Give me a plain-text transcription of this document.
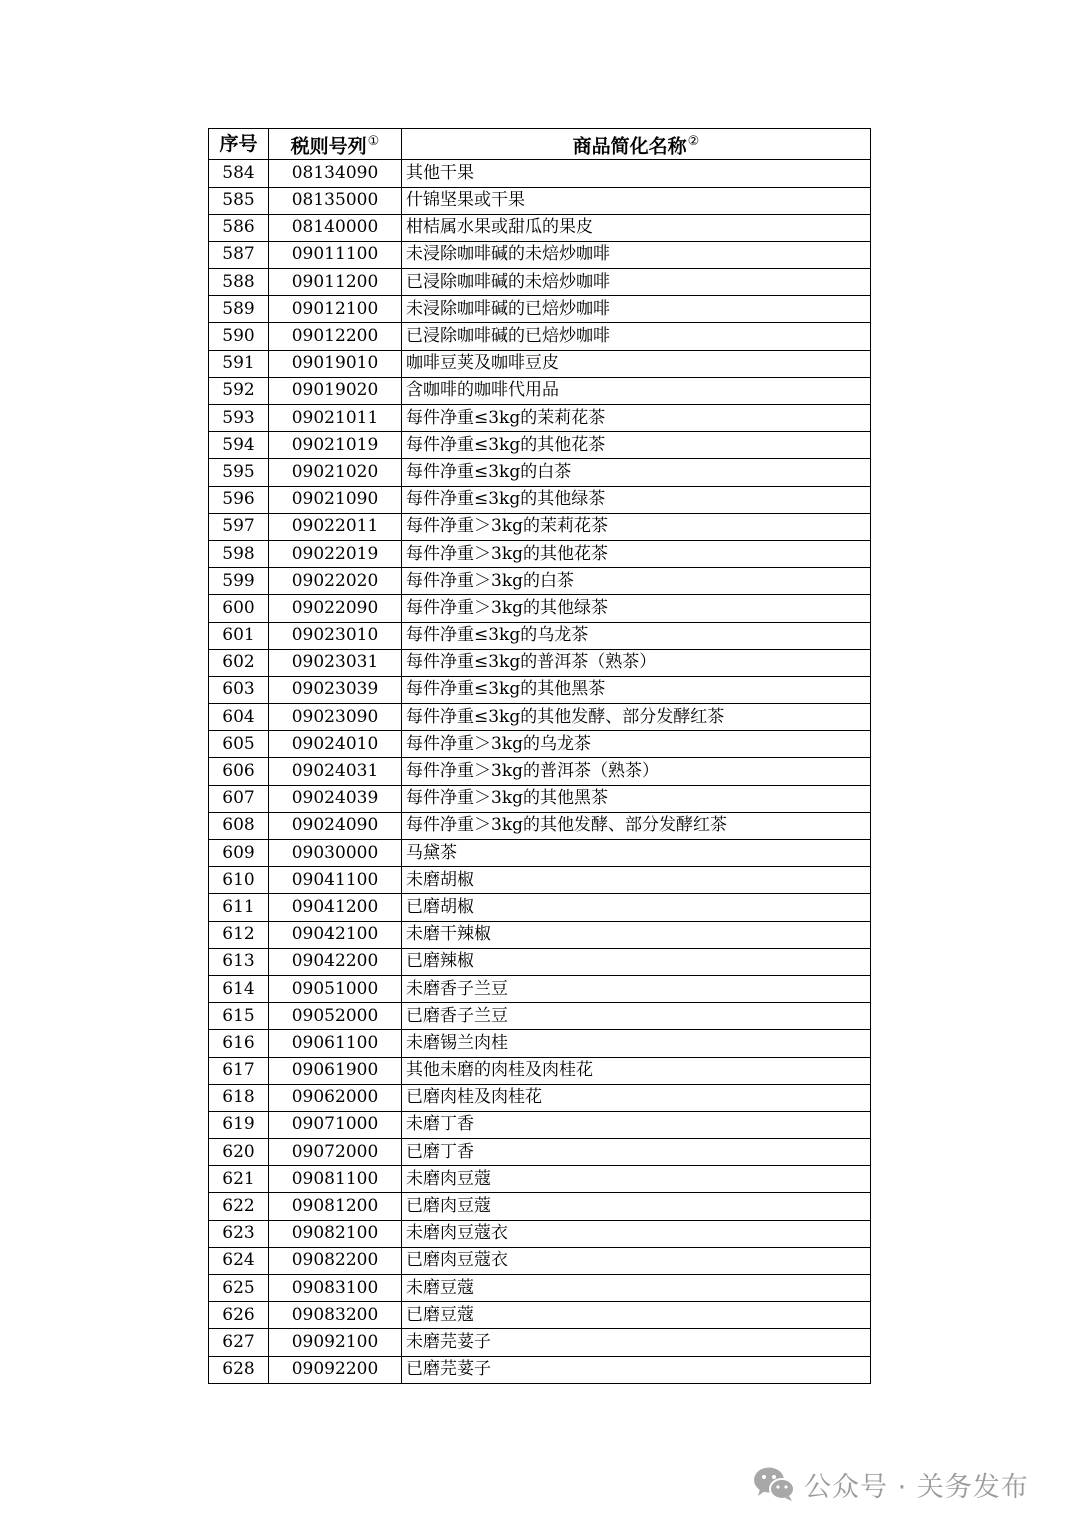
序号	税则号列①	商品简化名称②
584	08134090	其他干果
585	08135000	什锦坚果或干果
586	08140000	柑桔属水果或甜瓜的果皮
587	09011100	未浸除咖啡碱的未焙炒咖啡
588	09011200	已浸除咖啡碱的未焙炒咖啡
589	09012100	未浸除咖啡碱的已焙炒咖啡
590	09012200	已浸除咖啡碱的已焙炒咖啡
591	09019010	咖啡豆荚及咖啡豆皮
592	09019020	含咖啡的咖啡代用品
593	09021011	每件净重≤3kg的茉莉花茶
594	09021019	每件净重≤3kg的其他花茶
595	09021020	每件净重≤3kg的白茶
596	09021090	每件净重≤3kg的其他绿茶
597	09022011	每件净重＞3kg的茉莉花茶
598	09022019	每件净重＞3kg的其他花茶
599	09022020	每件净重＞3kg的白茶
600	09022090	每件净重＞3kg的其他绿茶
601	09023010	每件净重≤3kg的乌龙茶
602	09023031	每件净重≤3kg的普洱茶（熟茶）
603	09023039	每件净重≤3kg的其他黑茶
604	09023090	每件净重≤3kg的其他发酵、部分发酵红茶
605	09024010	每件净重＞3kg的乌龙茶
606	09024031	每件净重＞3kg的普洱茶（熟茶）
607	09024039	每件净重＞3kg的其他黑茶
608	09024090	每件净重＞3kg的其他发酵、部分发酵红茶
609	09030000	马黛茶
610	09041100	未磨胡椒
611	09041200	已磨胡椒
612	09042100	未磨干辣椒
613	09042200	已磨辣椒
614	09051000	未磨香子兰豆
615	09052000	已磨香子兰豆
616	09061100	未磨锡兰肉桂
617	09061900	其他未磨的肉桂及肉桂花
618	09062000	已磨肉桂及肉桂花
619	09071000	未磨丁香
620	09072000	已磨丁香
621	09081100	未磨肉豆蔻
622	09081200	已磨肉豆蔻
623	09082100	未磨肉豆蔻衣
624	09082200	已磨肉豆蔻衣
625	09083100	未磨豆蔻
626	09083200	已磨豆蔻
627	09092100	未磨芫荽子
628	09092200	已磨芫荽子
公众号 · 关务发布
